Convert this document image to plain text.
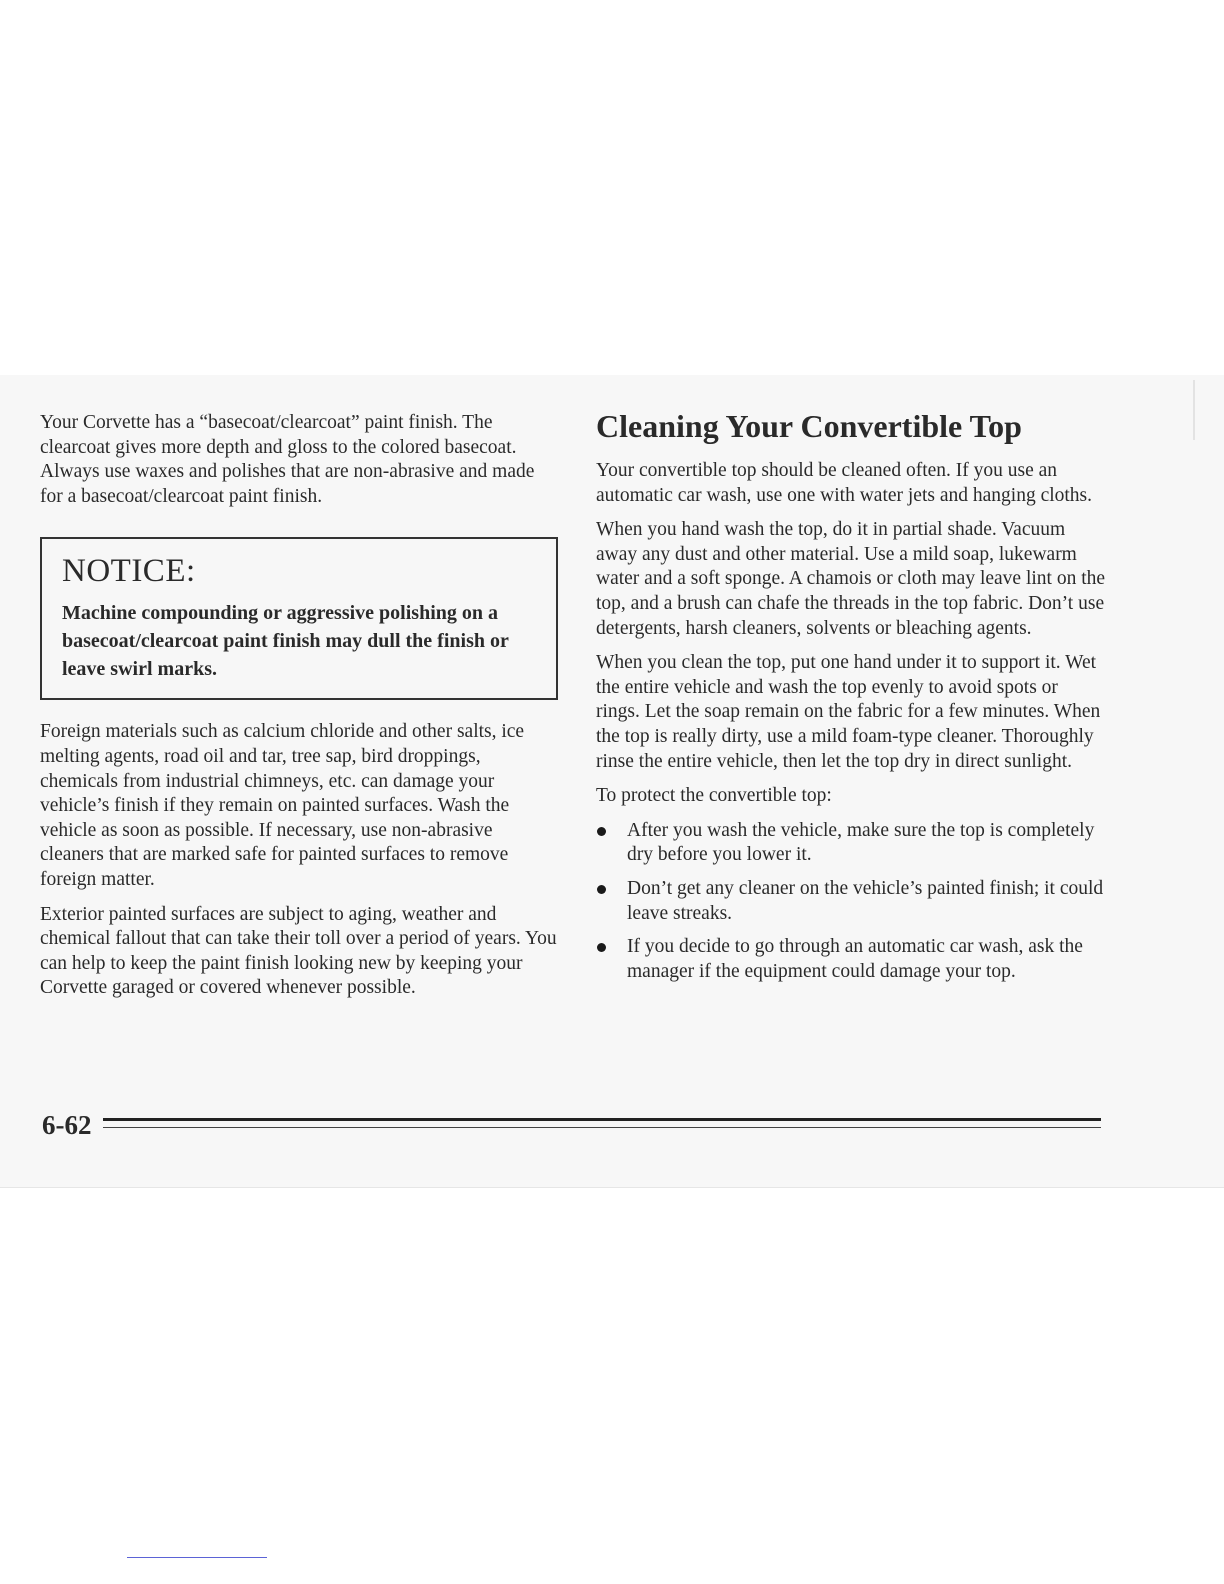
Your Corvette has a “basecoat/clearcoat” paint finish. The clearcoat gives more depth and gloss to the colored basecoat. Always use waxes and polishes that are non-abrasive and made for a basecoat/clearcoat paint finish.

NOTICE:

Machine compounding or aggressive polishing on a basecoat/clearcoat paint finish may dull the finish or leave swirl marks.

Foreign materials such as calcium chloride and other salts, ice melting agents, road oil and tar, tree sap, bird droppings, chemicals from industrial chimneys, etc. can damage your vehicle’s finish if they remain on painted surfaces. Wash the vehicle as soon as possible. If necessary, use non-abrasive cleaners that are marked safe for painted surfaces to remove foreign matter.

Exterior painted surfaces are subject to aging, weather and chemical fallout that can take their toll over a period of years. You can help to keep the paint finish looking new by keeping your Corvette garaged or covered whenever possible.

Cleaning Your Convertible Top

Your convertible top should be cleaned often. If you use an automatic car wash, use one with water jets and hanging cloths.

When you hand wash the top, do it in partial shade. Vacuum away any dust and other material. Use a mild soap, lukewarm water and a soft sponge. A chamois or cloth may leave lint on the top, and a brush can chafe the threads in the top fabric. Don’t use detergents, harsh cleaners, solvents or bleaching agents.

When you clean the top, put one hand under it to support it. Wet the entire vehicle and wash the top evenly to avoid spots or rings. Let the soap remain on the fabric for a few minutes. When the top is really dirty, use a mild foam-type cleaner. Thoroughly rinse the entire vehicle, then let the top dry in direct sunlight.

To protect the convertible top:

After you wash the vehicle, make sure the top is completely dry before you lower it.
Don’t get any cleaner on the vehicle’s painted finish; it could leave streaks.
If you decide to go through an automatic car wash, ask the manager if the equipment could damage your top.
6-62
